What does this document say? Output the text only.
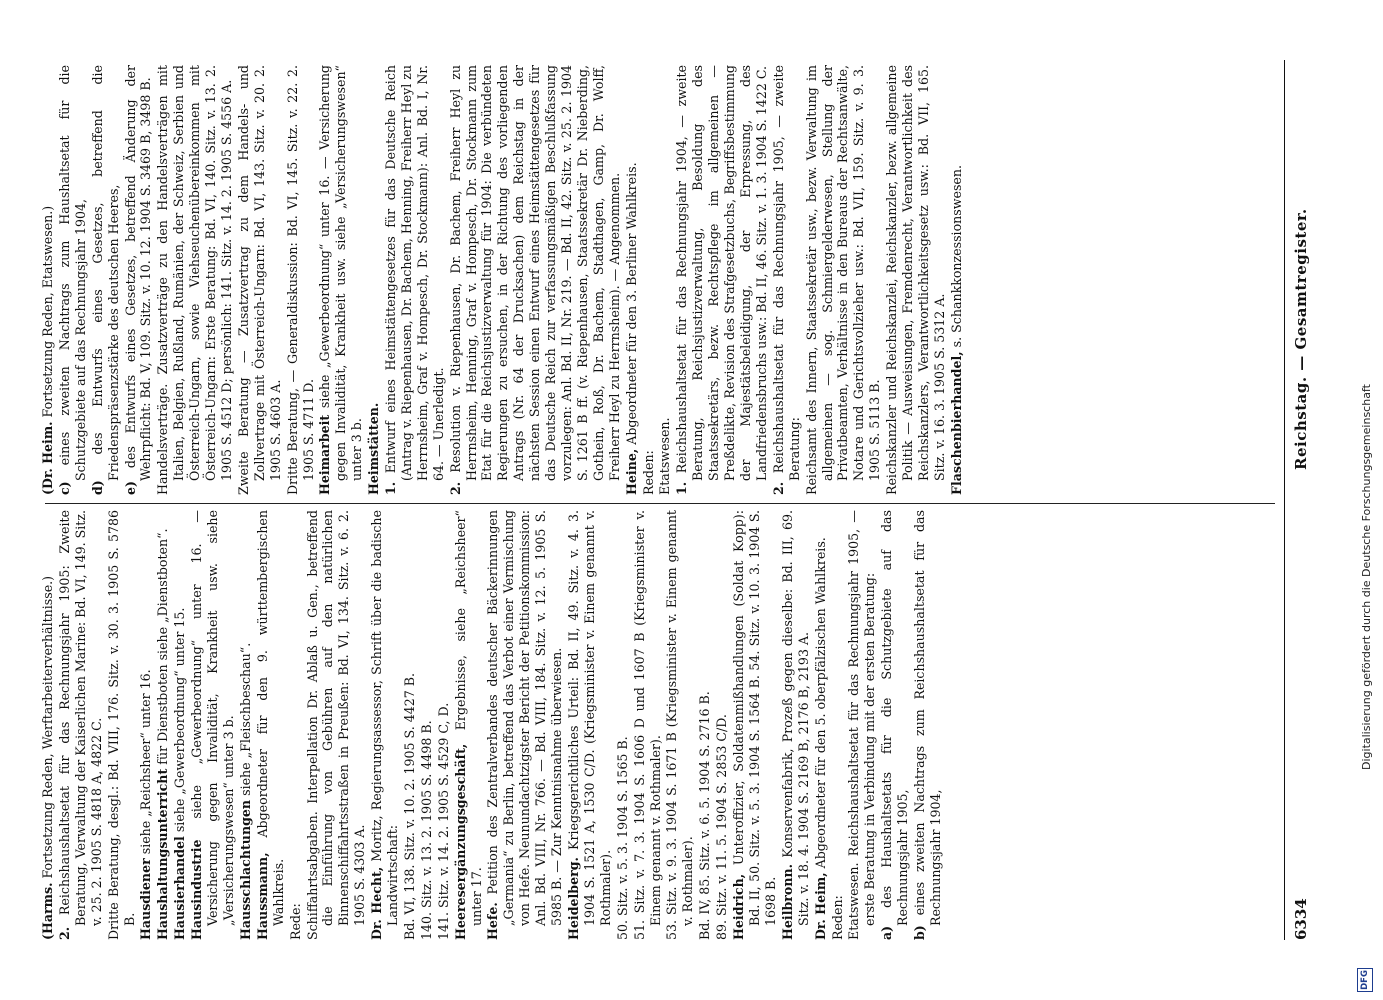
6334
Reichstag. — Gesamtregister.
(Harms. Fortsetzung Reden, Werftarbeiterverhältnisse.)
2. Reichshaushaltsetat für das Rechnungsjahr 1905: Zweite Beratung, Verwaltung der Kaiserlichen Marine: Bd. VI, 149. Sitz. v. 25. 2. 1905 S. 4818 A, 4822 C. Dritte Beratung, desgl.: Bd. VIII, 176. Sitz. v. 30. 3. 1905 S. 5786 B. Hausdiener siehe „Reichsheer“ unter 16.
Haushaltungsunterricht für Dienstboten siehe „Dienstboten“.
Hausierhandel siehe „Gewerbeordnung“ unter 15.
Hausindustrie siehe „Gewerbeordnung“ unter 16. — Versicherung gegen Invalidität, Krankheit usw. siehe „Versicherungswesen“ unter 3 b. Hausschlachtungen siehe „Fleischbeschau“.
Haussmann, Abgeordneter für den 9. württembergischen Wahlkreis. Rede: Schiffahrtsabgaben. Interpellation Dr. Ablaß u. Gen., betreffend die Einführung von Gebühren auf den natürlichen Binnenschiffahrtsstraßen in Preußen: Bd. VI, 134. Sitz. v. 6. 2. 1905 S. 4303 A. Dr. Hecht, Moritz, Regierungsassessor, Schrift über die badische Landwirtschaft: Bd. VI, 138. Sitz. v. 10. 2. 1905 S. 4427 B. 140. Sitz. v. 13. 2. 1905 S. 4498 B. 141. Sitz. v. 14. 2. 1905 S. 4529 C, D. Heeresergänzungsgeschäft, Ergebnisse, siehe „Reichsheer“ unter 17. Hefe. Petition des Zentralverbandes deutscher Bäckerinnungen „Germania“ zu Berlin, betreffend das Verbot einer Vermischung von Hefe. Neunundachtzigster Bericht der Petitionskommission: Anl. Bd. VIII, Nr. 766. — Bd. VIII, 184. Sitz. v. 12. 5. 1905 S. 5985 B. — Zur Kenntnisnahme überwiesen. Heidelberg. Kriegsgerichtliches Urteil: Bd. II, 49. Sitz. v. 4. 3. 1904 S. 1521 A, 1530 C/D. (Kriegsminister v. Einem genannt v. Rothmaler). 50. Sitz. v. 5. 3. 1904 S. 1565 B. 51. Sitz. v. 7. 3. 1904 S. 1606 D und 1607 B (Kriegsminister v. Einem genannt v. Rothmaler). 53. Sitz. v. 9. 3. 1904 S. 1671 B (Kriegsminister v. Einem genannt v. Rothmaler). Bd. IV, 85. Sitz. v. 6. 5. 1904 S. 2716 B. 89. Sitz. v. 11. 5. 1904 S. 2853 C/D. Heidrich, Unteroffizier, Soldatenmißhandlungen (Soldat Kopp): Bd. II, 50. Sitz. v. 5. 3. 1904 S. 1564 B. 54. Sitz. v. 10. 3. 1904 S. 1698 B. Heilbronn. Konservenfabrik, Prozeß gegen dieselbe: Bd. III, 69. Sitz. v. 18. 4. 1904 S. 2169 B, 2176 B, 2193 A. Dr. Heim, Abgeordneter für den 5. oberpfälzischen Wahlkreis.
Reden: Etatswesen. Reichshaushaltsetat für das Rechnungsjahr 1905, — erste Beratung in Verbindung mit der ersten Beratung:
a) des Haushaltsetats für die Schutzgebiete auf das Rechnungsjahr 1905,
b) eines zweiten Nachtrags zum Reichshaushaltsetat für das Rechnungsjahr 1904,
(Dr. Heim. Fortsetzung Reden, Etatswesen.)
c) eines zweiten Nachtrags zum Haushaltsetat für die Schutzgebiete auf das Rechnungsjahr 1904,
d) des Entwurfs eines Gesetzes, betreffend die Friedenspräsenzstärke des deutschen Heeres,
e) des Entwurfs eines Gesetzes, betreffend Änderung der Wehrpflicht: Bd. V, 109. Sitz. v. 10. 12. 1904 S. 3469 B, 3498 B. Handelsverträge. Zusatzverträge zu den Handelsverträgen mit Italien, Belgien, Rußland, Rumänien, der Schweiz, Serbien und Österreich-Ungarn, sowie Viehseuchenübereinkommen mit Österreich-Ungarn: Erste Beratung: Bd. VI, 140. Sitz. v. 13. 2. 1905 S. 4512 D; persönlich: 141. Sitz. v. 14. 2. 1905 S. 4556 A. Zweite Beratung — Zusatzvertrag zu dem Handels- und Zollvertrage mit Österreich-Ungarn: Bd. VI, 143. Sitz. v. 20. 2. 1905 S. 4603 A. Dritte Beratung, — Generaldiskussion: Bd. VI, 145. Sitz. v. 22. 2. 1905 S. 4711 D. Heimarbeit siehe „Gewerbeordnung“ unter 16. — Versicherung gegen Invalidität, Krankheit usw. siehe „Versicherungswesen“ unter 3 b. Heimstätten. 1. Entwurf eines Heimstättengesetzes für das Deutsche Reich (Antrag v. Riepenhausen, Dr. Bachem, Henning, Freiherr Heyl zu Herrnsheim, Graf v. Hompesch, Dr. Stockmann): Anl. Bd. I, Nr. 64. — Unerledigt.
2. Resolution v. Riepenhausen, Dr. Bachem, Freiherr Heyl zu Herrnsheim, Henning, Graf v. Hompesch, Dr. Stockmann zum Etat für die Reichsjustizverwaltung für 1904: Die verbündeten Regierungen zu ersuchen, in der Richtung des vorliegenden Antrags (Nr. 64 der Drucksachen) dem Reichstag in der nächsten Session einen Entwurf eines Heimstättengesetzes für das Deutsche Reich zur verfassungsmäßigen Beschlußfassung vorzulegen: Anl. Bd. II, Nr. 219. — Bd. II, 42. Sitz. v. 25. 2. 1904 S. 1261 B ff. (v. Riepenhausen, Staatssekretär Dr. Nieberding, Gothein, Roß, Dr. Bachem, Stadthagen, Gamp, Dr. Wolff, Freiherr Heyl zu Herrnsheim). — Angenommen. Heine, Abgeordneter für den 3. Berliner Wahlkreis.
Reden: Etatswesen. 1. Reichshaushaltsetat für das Rechnungsjahr 1904, — zweite Beratung, Reichsjustizverwaltung, Besoldung des Staatssekretärs, bezw. Rechtspflege im allgemeinen — Preßdelikte, Revision des Strafgesetzbuchs, Begriffsbestimmung der Majestätsbeleidigung, der Erpressung, des Landfriedensbruchs usw.: Bd. II, 46. Sitz. v. 1. 3. 1904 S. 1422 C.
2. Reichshaushaltsetat für das Rechnungsjahr 1905, — zweite Beratung: Reichsamt des Innern, Staatssekretär usw., bezw. Verwaltung im allgemeinen — sog. Schmiergelderwesen, Stellung der Privatbeamten, Verhältnisse in den Bureaus der Rechtsanwälte, Notare und Gerichtsvollzieher usw.: Bd. VII, 159. Sitz. v. 9. 3. 1905 S. 5113 B. Reichskanzler und Reichskanzlei, Reichskanzler, bezw. allgemeine Politik — Ausweisungen, Fremdenrecht, Verantwortlichkeit des Reichskanzlers, Verantwortlichkeitsgesetz usw.: Bd. VII, 165. Sitz. v. 16. 3. 1905 S. 5312 A. Flaschenbierhandel, s. Schankkonzessionswesen.
DFG
Digitalisierung gefördert durch die Deutsche Forschungsgemeinschaft
